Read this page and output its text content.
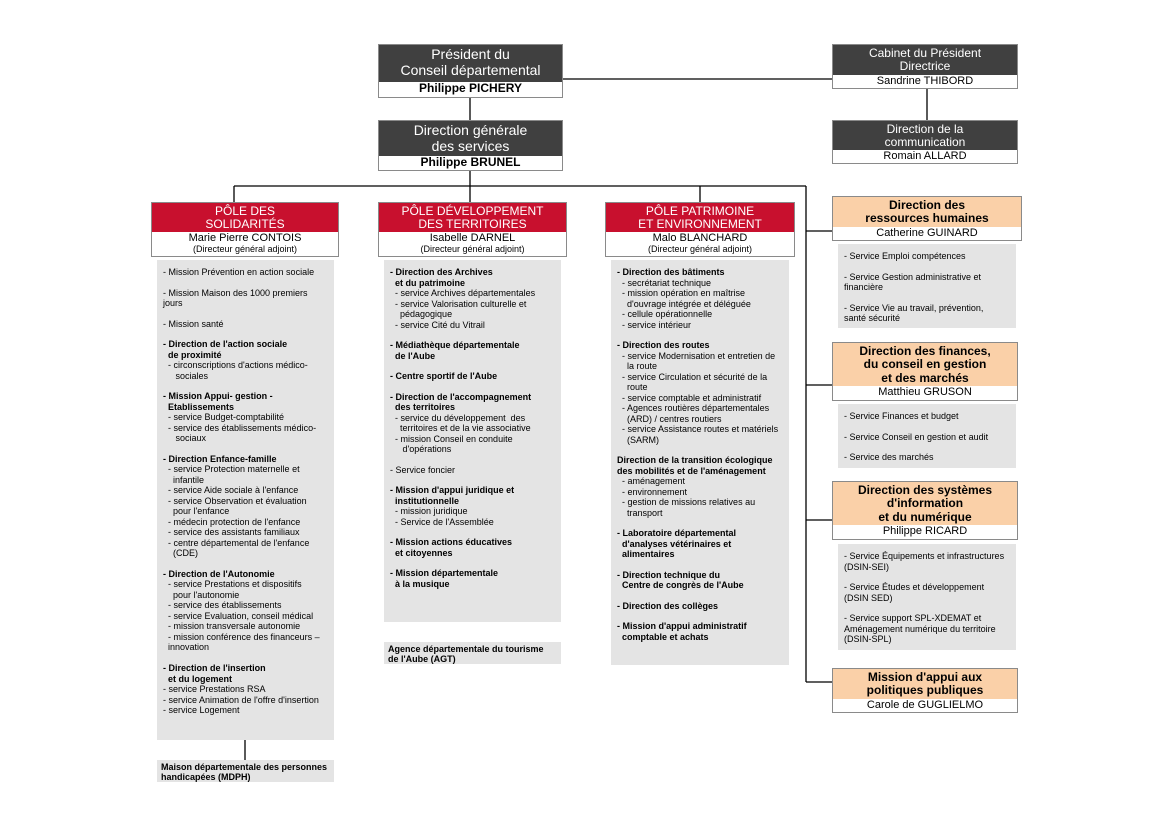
Président du
Conseil départemental
Philippe PICHERY
Direction générale
des services
Philippe BRUNEL
Cabinet du Président
Directrice
Sandrine THIBORD
Direction de la
communication
Romain ALLARD
PÔLE DES
SOLIDARITÉS
Marie Pierre CONTOIS
(Directeur général adjoint)
PÔLE DÉVELOPPEMENT
DES TERRITOIRES
Isabelle DARNEL
(Directeur général adjoint)
PÔLE PATRIMOINE
ET ENVIRONNEMENT
Malo BLANCHARD
(Directeur général adjoint)
- Mission Prévention en action sociale
- Mission Maison des 1000 premiers
jours
- Mission santé
- Direction de l'action sociale
de proximité
- circonscriptions d'actions médico-
sociales
- Mission Appui- gestion -
Etablissements
- service Budget-comptabilité
- service des établissements médico-
sociaux
- Direction Enfance-famille
- service Protection maternelle et
infantile
- service Aide sociale à l'enfance
- service Observation et évaluation
pour l'enfance
- médecin protection de l'enfance
- service des assistants familiaux
- centre départemental de l'enfance
(CDE)
- Direction de l'Autonomie
- service Prestations et dispositifs
pour l'autonomie
- service des établissements
- service Evaluation, conseil médical
- mission transversale autonomie
- mission conférence des financeurs –
innovation
- Direction de l'insertion
et du logement
- service Prestations RSA
- service Animation de l'offre d'insertion
- service Logement
- Direction des Archives
et du patrimoine
- service Archives départementales
- service Valorisation culturelle et
pédagogique
- service Cité du Vitrail
- Médiathèque départementale
de l'Aube
- Centre sportif de l'Aube
- Direction de l'accompagnement
des territoires
- service du développement  des
territoires et de la vie associative
- mission Conseil en conduite
d'opérations
- Service foncier
- Mission d'appui juridique et
institutionnelle
- mission juridique
- Service de l'Assemblée
- Mission actions éducatives
et citoyennes
- Mission départementale
à la musique
- Direction des bâtiments
- secrétariat technique
- mission opération en maîtrise
d'ouvrage intégrée et déléguée
- cellule opérationnelle
- service intérieur
- Direction des routes
- service Modernisation et entretien de
la route
- service Circulation et sécurité de la
route
- service comptable et administratif
- Agences routières départementales
(ARD) / centres routiers
- service Assistance routes et matériels
(SARM)
Direction de la transition écologique
des mobilités et de l'aménagement
- aménagement
- environnement
- gestion de missions relatives au
transport
- Laboratoire départemental
d'analyses vétérinaires et
alimentaires
- Direction technique du
Centre de congrès de l'Aube
- Direction des collèges
- Mission d'appui administratif
comptable et achats
Maison départementale des personnes
handicapées (MDPH)
Agence départementale du tourisme
de l'Aube (AGT)
Direction des
ressources humaines
Catherine GUINARD
- Service Emploi compétences
- Service Gestion administrative et
financière
- Service Vie au travail, prévention,
santé sécurité
Direction des finances,
du conseil en gestion
et des marchés
Matthieu GRUSON
- Service Finances et budget
- Service Conseil en gestion et audit
- Service des marchés
Direction des systèmes
d'information
et du numérique
Philippe RICARD
- Service Équipements et infrastructures
(DSIN-SEI)
- Service Études et développement
(DSIN SED)
- Service support SPL-XDEMAT et
Aménagement numérique du territoire
(DSIN-SPL)
Mission d'appui aux
politiques publiques
Carole de GUGLIELMO
